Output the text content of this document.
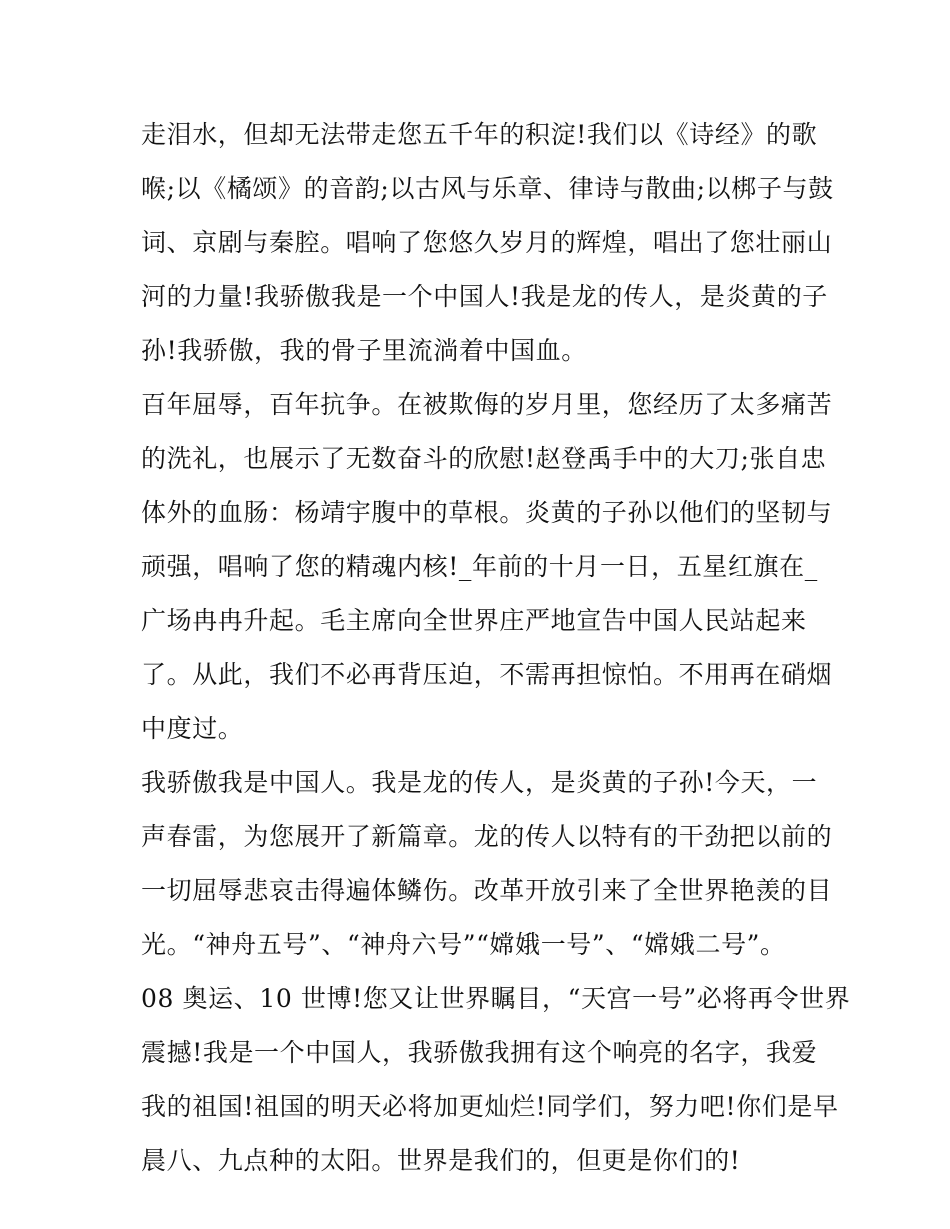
走泪水，但却无法带走您五千年的积淀!我们以《诗经》的歌
喉;以《橘颂》的音韵;以古风与乐章、律诗与散曲;以梆子与鼓
词、京剧与秦腔。唱响了您悠久岁月的辉煌，唱出了您壮丽山
河的力量!我骄傲我是一个中国人!我是龙的传人，是炎黄的子
孙!我骄傲，我的骨子里流淌着中国血。
百年屈辱，百年抗争。在被欺侮的岁月里，您经历了太多痛苦
的洗礼，也展示了无数奋斗的欣慰!赵登禹手中的大刀;张自忠
体外的血肠：杨靖宇腹中的草根。炎黄的子孙以他们的坚韧与
顽强，唱响了您的精魂内核!_年前的十月一日，五星红旗在_
广场冉冉升起。毛主席向全世界庄严地宣告中国人民站起来
了。从此，我们不必再背压迫，不需再担惊怕。不用再在硝烟
中度过。
我骄傲我是中国人。我是龙的传人，是炎黄的子孙!今天，一
声春雷，为您展开了新篇章。龙的传人以特有的干劲把以前的
一切屈辱悲哀击得遍体鳞伤。改革开放引来了全世界艳羡的目
光。“神舟五号”、“神舟六号”“嫦娥一号”、“嫦娥二号”。
08 奥运、10 世博!您又让世界瞩目，“天宫一号”必将再令世界
震撼!我是一个中国人，我骄傲我拥有这个响亮的名字，我爱
我的祖国!祖国的明天必将加更灿烂!同学们，努力吧!你们是早
晨八、九点种的太阳。世界是我们的，但更是你们的!
